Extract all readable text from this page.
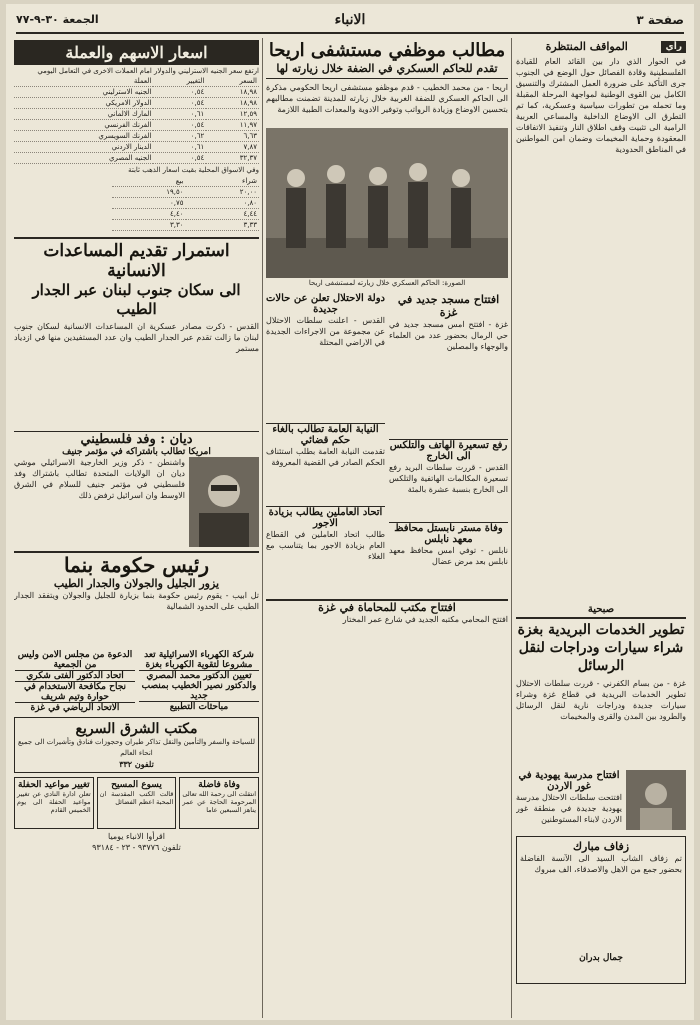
صفحة ٣
الانباء
الجمعة ٣٠-٩-٧٧
رأي
المواقف المنتظرة
في الحوار الذي دار بين القائد العام للقيادة الفلسطينية وقادة الفصائل حول الوضع في الجنوب جرى التأكيد على ضرورة العمل المشترك والتنسيق الكامل بين القوى الوطنية لمواجهة المرحلة المقبلة وما تحمله من تطورات سياسية وعسكرية، كما تم التطرق الى الاوضاع الداخلية والمساعي العربية الرامية الى تثبيت وقف اطلاق النار وتنفيذ الاتفاقات المعقودة وحماية المخيمات وضمان امن المواطنين في المناطق الحدودية
صبحية
تطوير الخدمات البريدية بغزة شراء سيارات ودراجات لنقل الرسائل
غزة - من بسام الكفرني - قررت سلطات الاحتلال تطوير الخدمات البريدية في قطاع غزة وشراء سيارات جديدة ودراجات نارية لنقل الرسائل والطرود بين المدن والقرى والمخيمات
افتتاح مدرسة يهودية في غور الاردن
افتتحت سلطات الاحتلال مدرسة يهودية جديدة في منطقة غور الاردن لابناء المستوطنين
زفاف مبارك
تم زفاف الشاب السيد الى الآنسة الفاضلة بحضور جمع من الاهل والاصدقاء، الف مبروك
جمال بدران
مطالب موظفي مستشفى اريحا
تقدم للحاكم العسكري في الضفة خلال زيارته لها
اريحا - من محمد الخطيب - قدم موظفو مستشفى اريحا الحكومي مذكرة الى الحاكم العسكري للضفة الغربية خلال زيارته للمدينة تضمنت مطالبهم بتحسين الاوضاع وزيادة الرواتب وتوفير الادوية والمعدات الطبية اللازمة
الصورة: الحاكم العسكري خلال زيارته لمستشفى اريحا
افتتاح مسجد جديد في غزة
غزة - افتتح امس مسجد جديد في حي الرمال بحضور عدد من العلماء والوجهاء والمصلين
رفع تسعيرة الهاتف والتلكس الى الخارج
القدس - قررت سلطات البريد رفع تسعيرة المكالمات الهاتفية والتلكس الى الخارج بنسبة عشرة بالمئة
وفاة مستر نابستل محافظ معهد نابلس
نابلس - توفي امس محافظ معهد نابلس بعد مرض عضال
دولة الاحتلال تعلن عن حالات جديدة
القدس - اعلنت سلطات الاحتلال عن مجموعة من الاجراءات الجديدة في الاراضي المحتلة
النيابة العامة تطالب بالغاء حكم قضائي
تقدمت النيابة العامة بطلب استئناف الحكم الصادر في القضية المعروفة
اتحاد العاملين يطالب بزيادة الاجور
طالب اتحاد العاملين في القطاع العام بزيادة الاجور بما يتناسب مع الغلاء
افتتاح مكتب للمحاماة في غزة
افتتح المحامي مكتبه الجديد في شارع عمر المختار
اسعار الاسهم والعملة
ارتفع سعر الجنيه الاسترليني والدولار امام العملات الاخرى في التعامل اليومي
السعر	التغيير	العملة
١٨,٩٨	٠,٥٤	الجنيه الاسترليني
١٨,٩٨	٠,٥٤	الدولار الامريكي
١٢,٥٩	٠,٦١	المارك الالماني
١١,٩٧	٠,٥٤	الفرنك الفرنسي
٦,٦٣	٠,٦٢	الفرنك السويسري
٧,٨٧	٠,٦١	الدينار الاردني
٣٢,٣٧	٠,٥٤	الجنيه المصري
وفي الاسواق المحلية بقيت اسعار الذهب ثابتة
شراء	بيع
٢٠,٠٠	١٩,٥٠
٠,٨٠	٠,٧٥
٤,٤٤	٤,٤٠
٣,٣٣	٣,٣٠
استمرار تقديم المساعدات الانسانية
الى سكان جنوب لبنان عبر الجدار الطيب
القدس - ذكرت مصادر عسكرية ان المساعدات الانسانية لسكان جنوب لبنان ما زالت تقدم عبر الجدار الطيب وان عدد المستفيدين منها في ازدياد مستمر
ديان : وفد فلسطيني
امريكا تطالب باشتراكه في مؤتمر جنيف
واشنطن - ذكر وزير الخارجية الاسرائيلي موشي ديان ان الولايات المتحدة تطالب باشتراك وفد فلسطيني في مؤتمر جنيف للسلام في الشرق الاوسط وان اسرائيل ترفض ذلك
رئيس حكومة بنما
يزور الجليل والجولان والجدار الطيب
تل ابيب - يقوم رئيس حكومة بنما بزيارة للجليل والجولان ويتفقد الجدار الطيب على الحدود الشمالية
شركة الكهرباء الاسرائيلية تعد مشروعا لتقوية الكهرباء بغزة
تعيين الدكتور محمد المصري والدكتور نصير الخطيب بمنصب جديد
مباحثات التطبيع
الدعوة من مجلس الامن وليس من الجمعية
اتحاد الدكتور الفتى شكري
نجاح مكافحة الاستخدام في حوارة وتيم شريف
الاتحاد الرياضي في غزة
مكتب الشرق السريع
للسياحة والسفر والتأمين والنقل تذاكر طيران وحجوزات فنادق وتأشيرات الى جميع انحاء العالم
تلفون ٣٣٢
وفاة فاضلة
انتقلت الى رحمة الله تعالى المرحومة الحاجة عن عمر يناهز السبعين عاما
يسوع المسيح
قالت الكتب المقدسة ان المحبة اعظم الفضائل
تغيير مواعيد الحفلة
تعلن ادارة النادي عن تغيير مواعيد الحفلة الى يوم الخميس القادم
اقرأوا الانباء يوميا
تلفون ٩٣٧٧٦ - ٢٣ - ٩٣١٨٤
